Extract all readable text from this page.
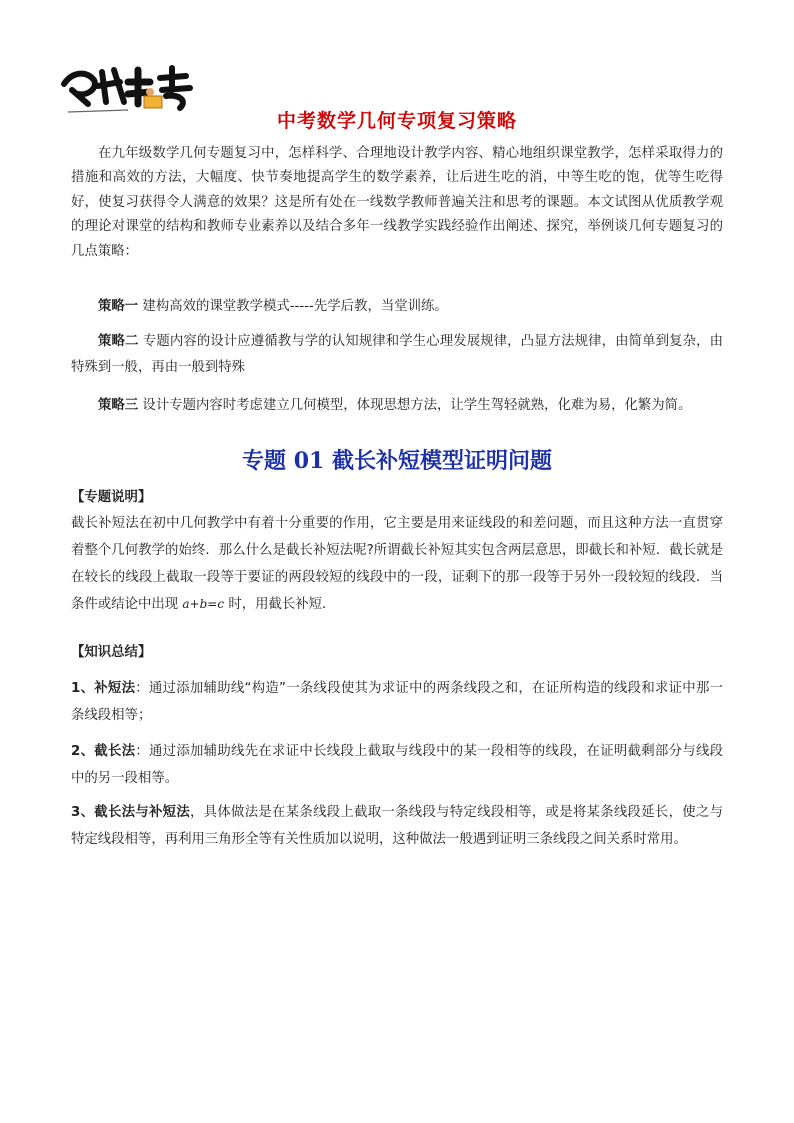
中考数学几何专项复习策略
在九年级数学几何专题复习中，怎样科学、合理地设计教学内容、精心地组织课堂教学，怎样采取得力的措施和高效的方法，大幅度、快节奏地提高学生的数学素养，让后进生吃的消，中等生吃的饱，优等生吃得好，使复习获得令人满意的效果？这是所有处在一线数学教师普遍关注和思考的课题。本文试图从优质教学观的理论对课堂的结构和教师专业素养以及结合多年一线教学实践经验作出阐述、探究，举例谈几何专题复习的几点策略：
策略一 建构高效的课堂教学模式-----先学后教，当堂训练。
策略二 专题内容的设计应遵循教与学的认知规律和学生心理发展规律，凸显方法规律，由简单到复杂，由特殊到一般，再由一般到特殊
策略三 设计专题内容时考虑建立几何模型，体现思想方法，让学生驾轻就熟，化难为易，化繁为简。
专题 01 截长补短模型证明问题
【专题说明】
截长补短法在初中几何教学中有着十分重要的作用，它主要是用来证线段的和差问题，而且这种方法一直贯穿着整个几何教学的始终．那么什么是截长补短法呢?所谓截长补短其实包含两层意思，即截长和补短．截长就是在较长的线段上截取一段等于要证的两段较短的线段中的一段，证剩下的那一段等于另外一段较短的线段．当条件或结论中出现 a+b=c 时，用截长补短．
【知识总结】
1、补短法：通过添加辅助线“构造”一条线段使其为求证中的两条线段之和，在证所构造的线段和求证中那一条线段相等；
2、截长法：通过添加辅助线先在求证中长线段上截取与线段中的某一段相等的线段，在证明截剩部分与线段中的另一段相等。
3、截长法与补短法，具体做法是在某条线段上截取一条线段与特定线段相等，或是将某条线段延长，使之与特定线段相等，再利用三角形全等有关性质加以说明，这种做法一般遇到证明三条线段之间关系时常用。
